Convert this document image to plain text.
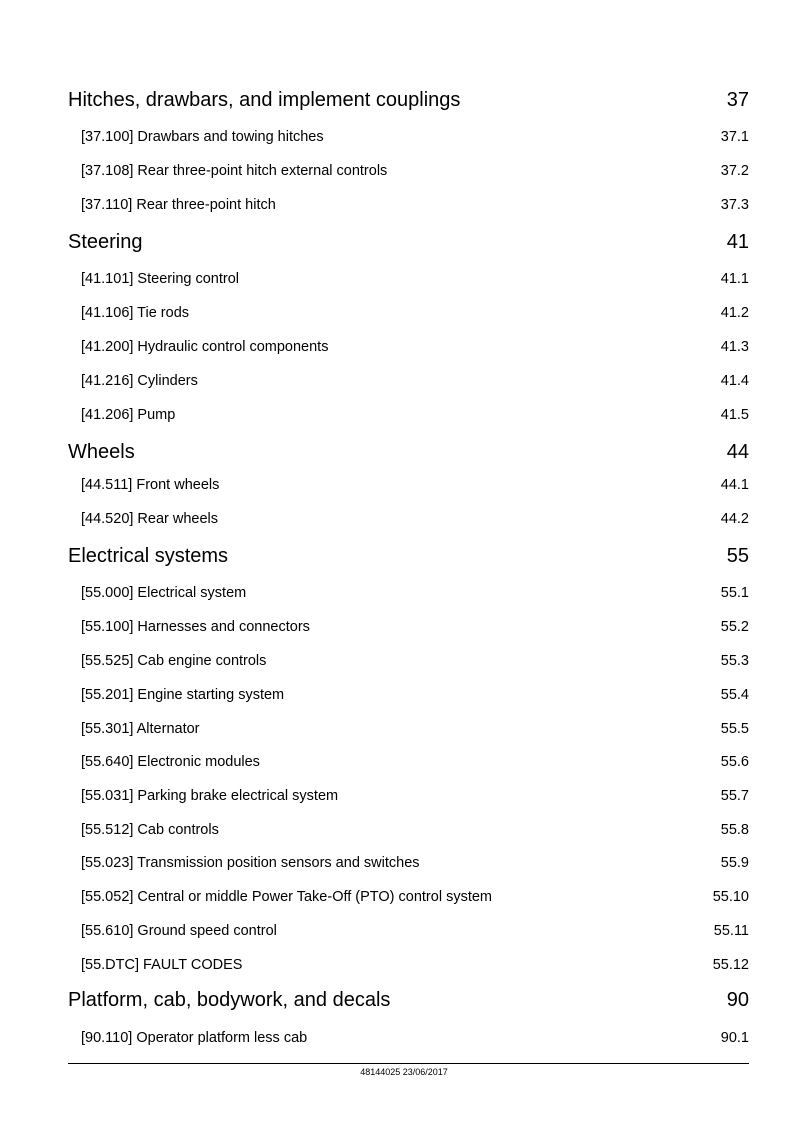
Hitches, drawbars, and implement couplings	37
[37.100] Drawbars and towing hitches	37.1
[37.108] Rear three-point hitch external controls	37.2
[37.110] Rear three-point hitch	37.3
Steering	41
[41.101] Steering control	41.1
[41.106] Tie rods	41.2
[41.200] Hydraulic control components	41.3
[41.216] Cylinders	41.4
[41.206] Pump	41.5
Wheels	44
[44.511] Front wheels	44.1
[44.520] Rear wheels	44.2
Electrical systems	55
[55.000] Electrical system	55.1
[55.100] Harnesses and connectors	55.2
[55.525] Cab engine controls	55.3
[55.201] Engine starting system	55.4
[55.301] Alternator	55.5
[55.640] Electronic modules	55.6
[55.031] Parking brake electrical system	55.7
[55.512] Cab controls	55.8
[55.023] Transmission position sensors and switches	55.9
[55.052] Central or middle Power Take-Off (PTO) control system	55.10
[55.610] Ground speed control	55.11
[55.DTC] FAULT CODES	55.12
Platform, cab, bodywork, and decals	90
[90.110] Operator platform less cab	90.1
48144025 23/06/2017
